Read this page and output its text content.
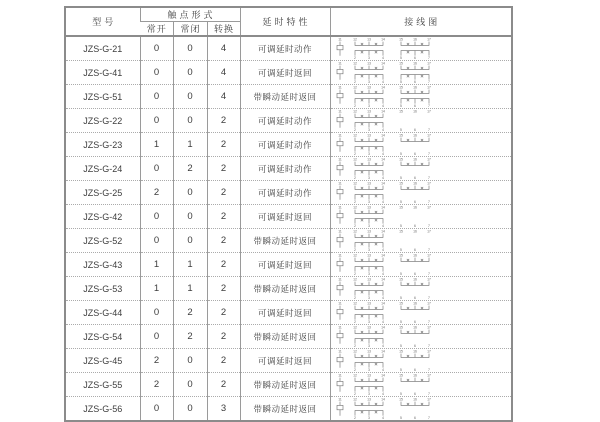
型号	触点形式			延时特性	接线图
	常开	常闭	转换		
JZS-G-21	0	0	4	可调延时动作	
11	12
2
13
3
14
4
15
5
16
6
17
7

JZS-G-41	0	0	4	可调延时返回	
11	12
2
13
3
14
4
15
5
16
6
17
7

JZS-G-51	0	0	4	带瞬动延时返回	
11	12
2
13
3
14
4
15
5
16
6
17
7

JZS-G-22	0	0	2	可调延时动作	
11	12
2
13
3
14
4
15
5
16
6
17
7

JZS-G-23	1	1	2	可调延时动作	
11	12
2
13
3
14
4
15
5
16
6
17
7

JZS-G-24	0	2	2	可调延时动作	
11	12
2
13
3
14
4
15
5
16
6
17
7

JZS-G-25	2	0	2	可调延时动作	
11	12
2
13
3
14
4
15
5
16
6
17
7

JZS-G-42	0	0	2	可调延时返回	
11	12
2
13
3
14
4
15
5
16
6
17
7

JZS-G-52	0	0	2	带瞬动延时返回	
11	12
2
13
3
14
4
15
5
16
6
17
7

JZS-G-43	1	1	2	可调延时返回	
11	12
2
13
3
14
4
15
5
16
6
17
7

JZS-G-53	1	1	2	带瞬动延时返回	
11	12
2
13
3
14
4
15
5
16
6
17
7

JZS-G-44	0	2	2	可调延时返回	
11	12
2
13
3
14
4
15
5
16
6
17
7

JZS-G-54	0	2	2	带瞬动延时返回	
11	12
2
13
3
14
4
15
5
16
6
17
7

JZS-G-45	2	0	2	可调延时返回	
11	12
2
13
3
14
4
15
5
16
6
17
7

JZS-G-55	2	0	2	带瞬动延时返回	
11	12
2
13
3
14
4
15
5
16
6
17
7

JZS-G-56	0	0	3	带瞬动延时返回	
11	12
2
13
3
14
4
15
5
16
6
17
7
